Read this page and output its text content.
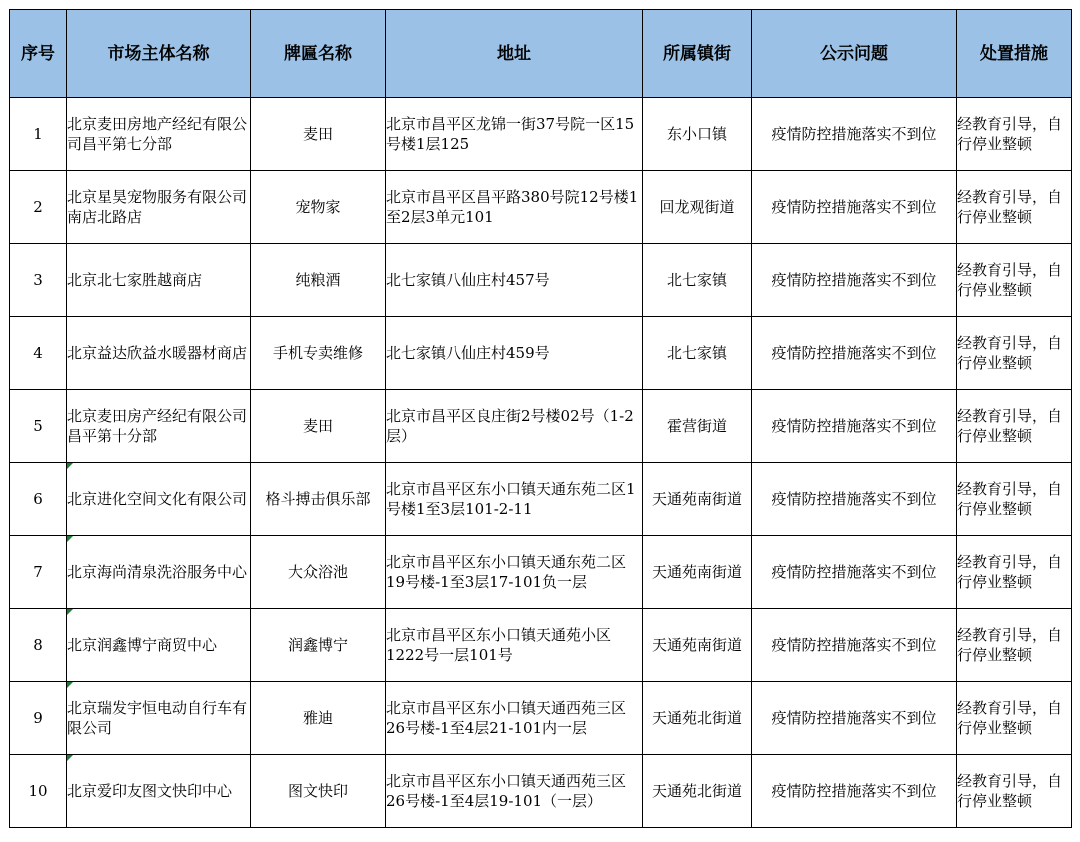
序号	市场主体名称	牌匾名称	地址	所属镇街	公示问题	处置措施
1	北京麦田房地产经纪有限公司昌平第七分部	麦田	北京市昌平区龙锦一街37号院一区15号楼1层125	东小口镇	疫情防控措施落实不到位	经教育引导，自行停业整顿
2	北京星昊宠物服务有限公司南店北路店	宠物家	北京市昌平区昌平路380号院12号楼1至2层3单元101	回龙观街道	疫情防控措施落实不到位	经教育引导，自行停业整顿
3	北京北七家胜越商店	纯粮酒	北七家镇八仙庄村457号	北七家镇	疫情防控措施落实不到位	经教育引导，自行停业整顿
4	北京益达欣益水暖器材商店	手机专卖维修	北七家镇八仙庄村459号	北七家镇	疫情防控措施落实不到位	经教育引导，自行停业整顿
5	北京麦田房产经纪有限公司昌平第十分部	麦田	北京市昌平区良庄街2号楼02号（1-2层）	霍营街道	疫情防控措施落实不到位	经教育引导，自行停业整顿
6	北京进化空间文化有限公司	格斗搏击俱乐部	北京市昌平区东小口镇天通东苑二区1号楼1至3层101-2-11	天通苑南街道	疫情防控措施落实不到位	经教育引导，自行停业整顿
7	北京海尚清泉洗浴服务中心	大众浴池	北京市昌平区东小口镇天通东苑二区19号楼-1至3层17-101负一层	天通苑南街道	疫情防控措施落实不到位	经教育引导，自行停业整顿
8	北京润鑫博宁商贸中心	润鑫博宁	北京市昌平区东小口镇天通苑小区1222号一层101号	天通苑南街道	疫情防控措施落实不到位	经教育引导，自行停业整顿
9	北京瑞发宇恒电动自行车有限公司	雅迪	北京市昌平区东小口镇天通西苑三区26号楼-1至4层21-101内一层	天通苑北街道	疫情防控措施落实不到位	经教育引导，自行停业整顿
10	北京爱印友图文快印中心	图文快印	北京市昌平区东小口镇天通西苑三区26号楼-1至4层19-101（一层）	天通苑北街道	疫情防控措施落实不到位	经教育引导，自行停业整顿
